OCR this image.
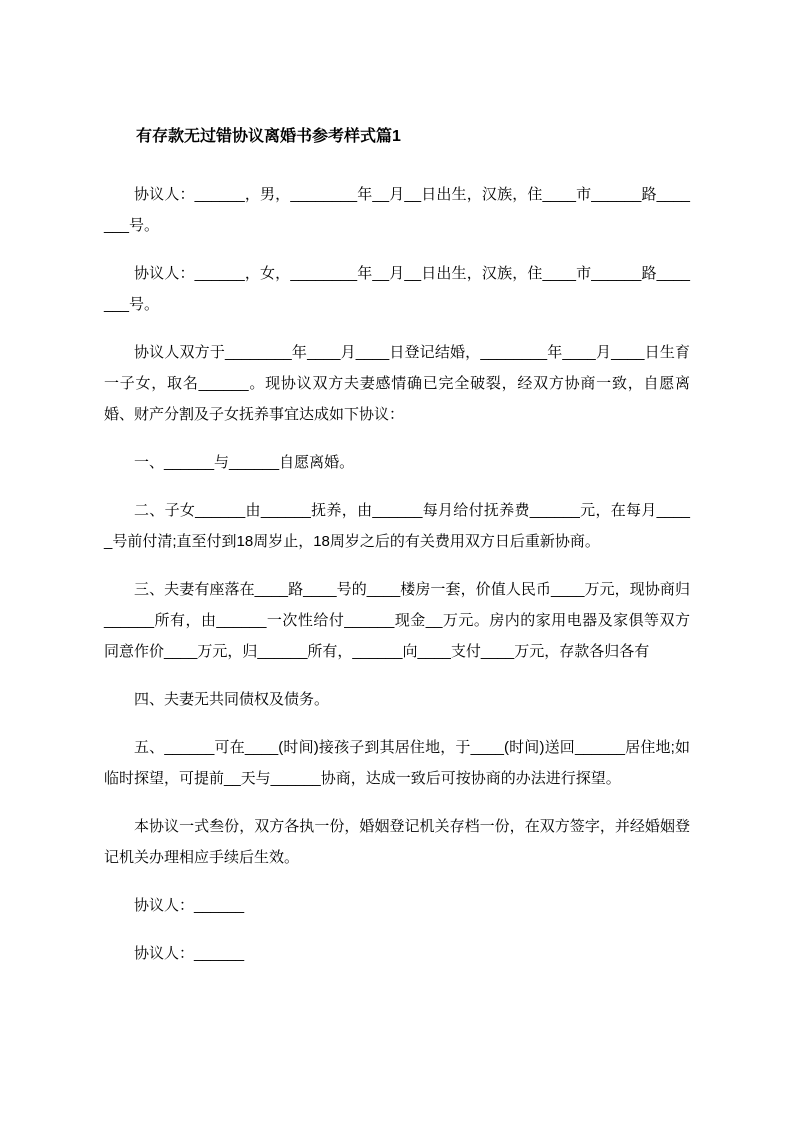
有存款无过错协议离婚书参考样式篇1

协议人：______，男，________年__月__日出生，汉族，住____市______路_______号。

协议人：______，女，________年__月__日出生，汉族，住____市______路_______号。

协议人双方于________年____月____日登记结婚，________年____月____日生育一子女，取名______。现协议双方夫妻感情确已完全破裂，经双方协商一致，自愿离婚、财产分割及子女抚养事宜达成如下协议：

一、______与______自愿离婚。

二、子女______由______抚养，由______每月给付抚养费______元，在每月_____号前付清;直至付到18周岁止，18周岁之后的有关费用双方日后重新协商。

三、夫妻有座落在____路____号的____楼房一套，价值人民币____万元，现协商归______所有，由______一次性给付______现金__万元。房内的家用电器及家俱等双方同意作价____万元，归______所有，______向____支付____万元，存款各归各有

四、夫妻无共同债权及债务。

五、______可在____(时间)接孩子到其居住地，于____(时间)送回______居住地;如临时探望，可提前__天与______协商，达成一致后可按协商的办法进行探望。

本协议一式叁份，双方各执一份，婚姻登记机关存档一份，在双方签字，并经婚姻登记机关办理相应手续后生效。

协议人：______

协议人：______
